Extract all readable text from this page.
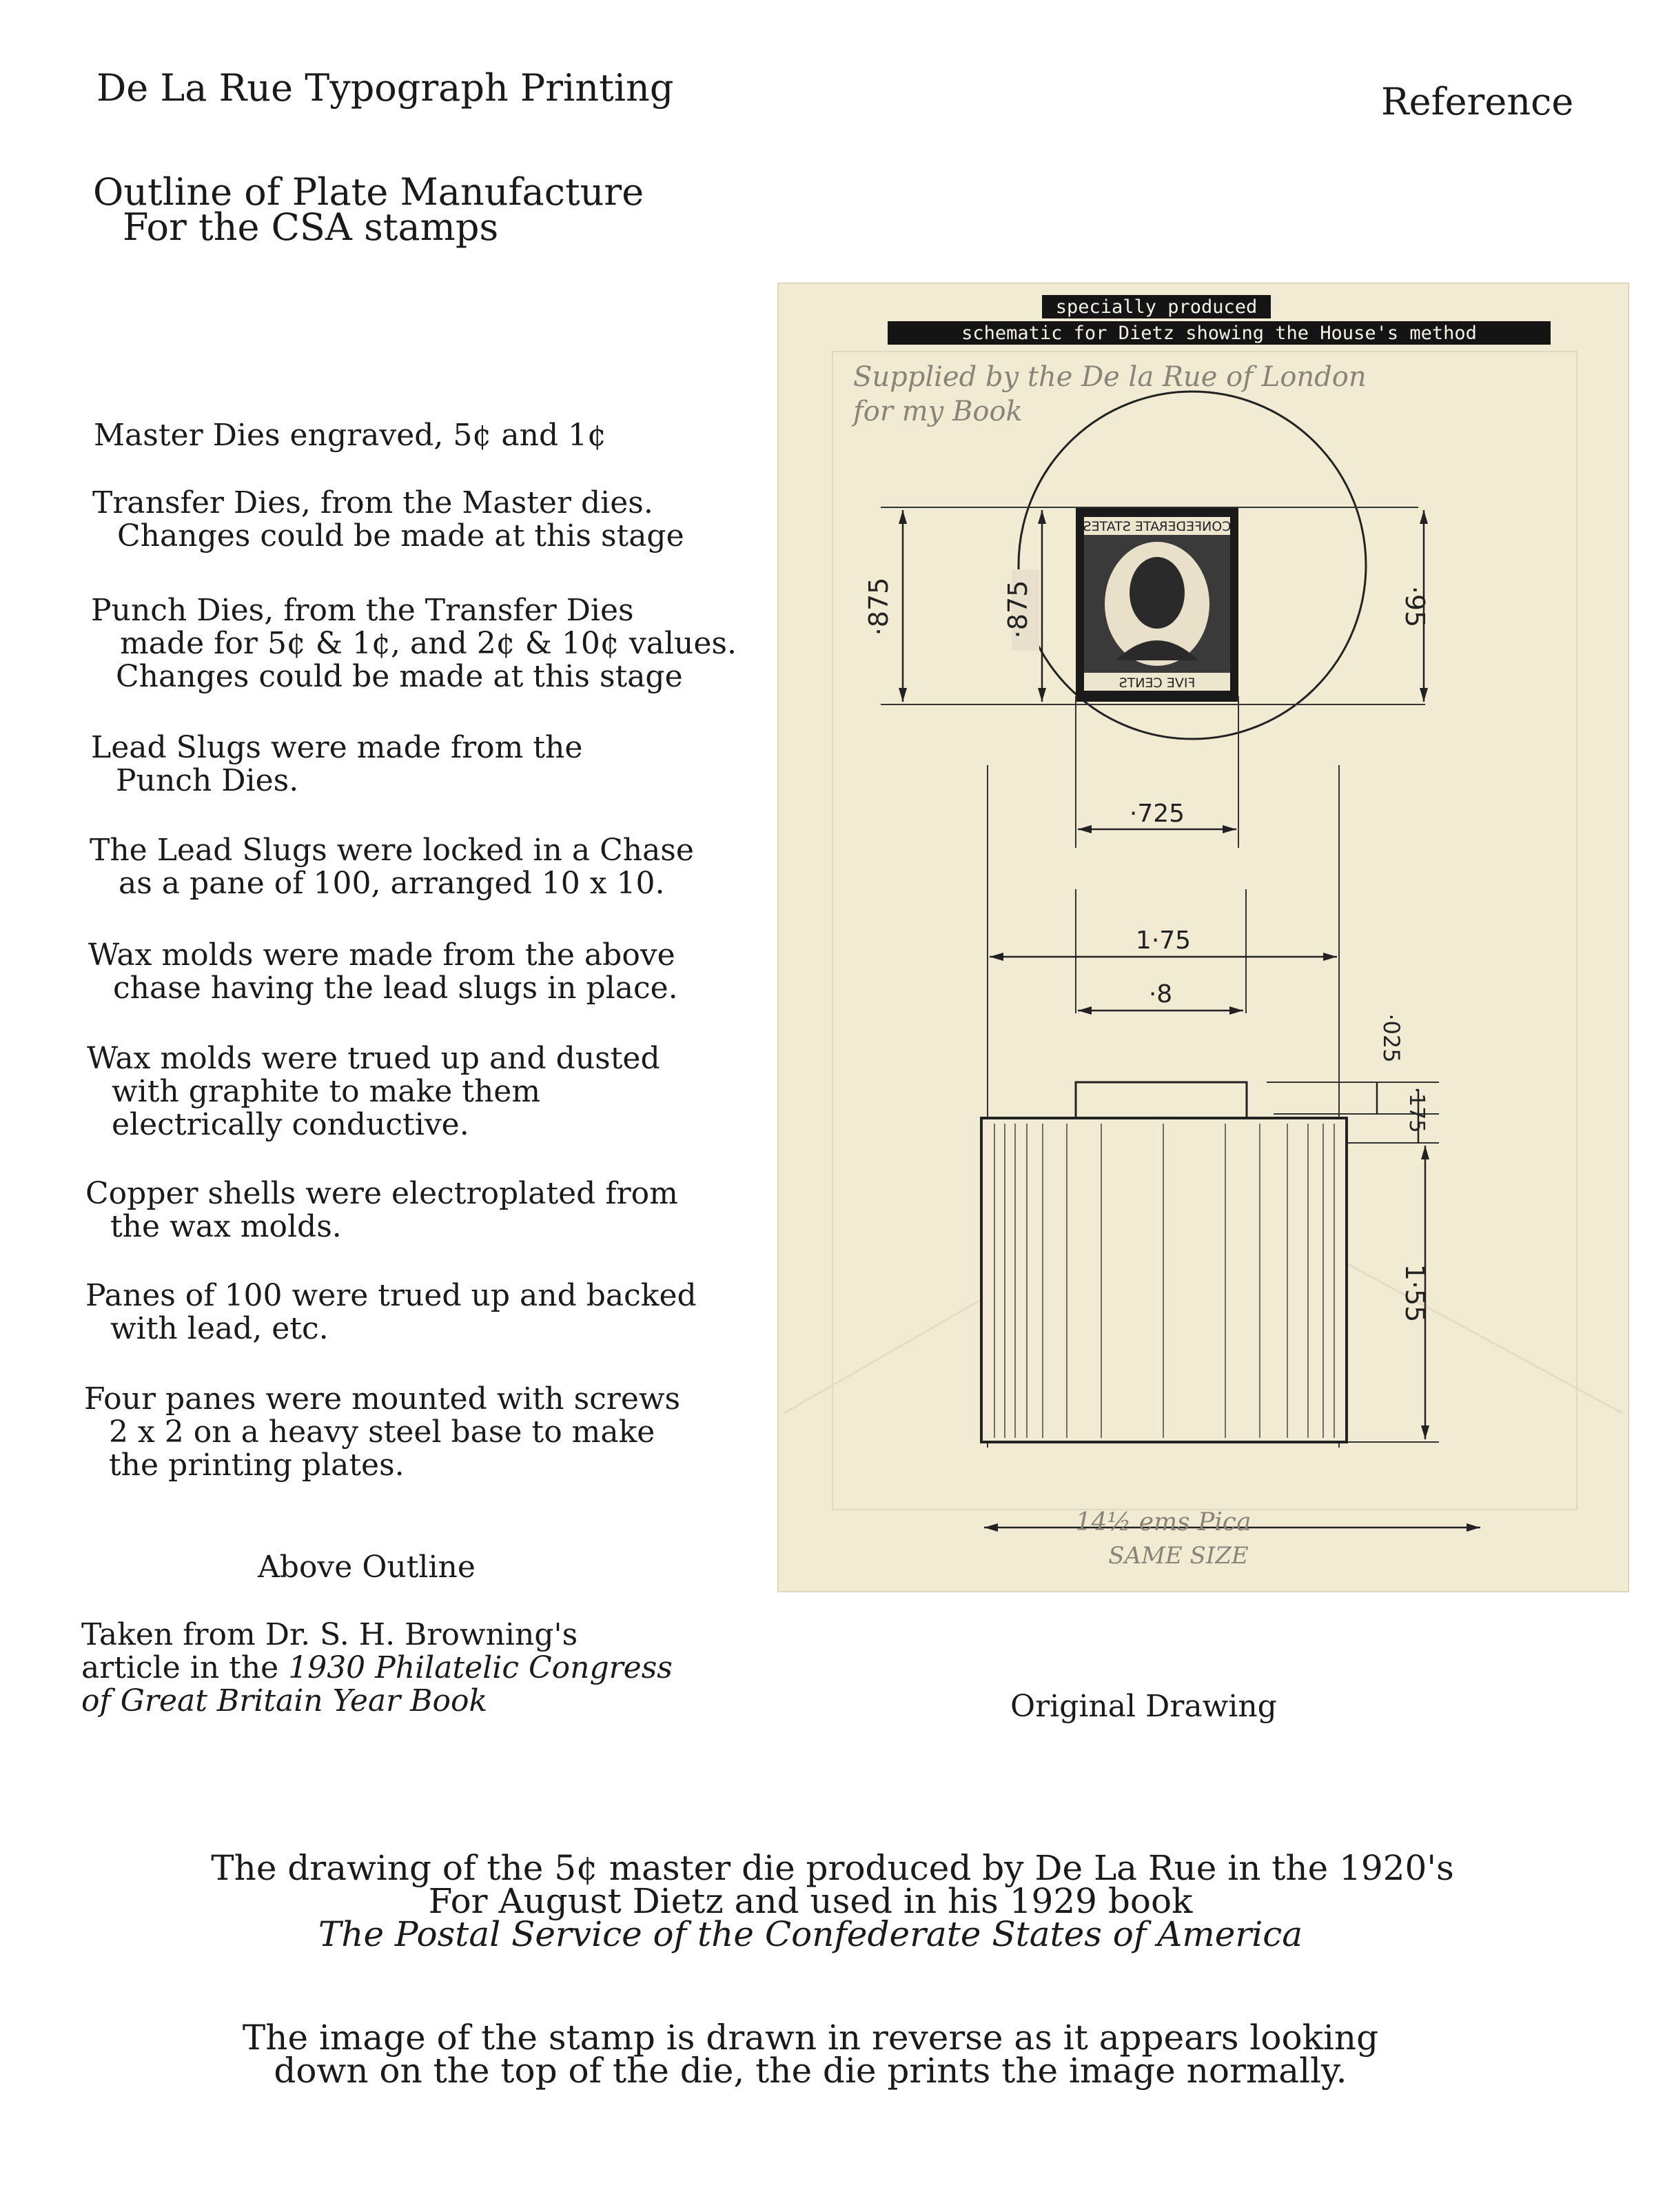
De La Rue Typograph Printing	Reference
Outline of Plate Manufacture
For the CSA stamps
Master Dies engraved, 5¢ and 1¢
Transfer Dies, from the Master dies.
Changes could be made at this stage
Punch Dies, from the Transfer Dies
made for 5¢ & 1¢, and 2¢ & 10¢ values.
Changes could be made at this stage
Lead Slugs were made from the
Punch Dies.
The Lead Slugs were locked in a Chase
as a pane of 100, arranged 10 x 10.
Wax molds were made from the above
chase having the lead slugs in place.
Wax molds were trued up and dusted
with graphite to make them
electrically conductive.
Copper shells were electroplated from
the wax molds.
Panes of 100 were trued up and backed
with lead, etc.
Four panes were mounted with screws
2 x 2 on a heavy steel base to make
the printing plates.
Above Outline
Taken from Dr. S. H. Browning's
article in the 1930 Philatelic Congress
of Great Britain Year Book
specially produced
schematic for Dietz showing the House's method
Supplied by the De la Rue of London
for my Book
CONFEDERATE STATES
FIVE CENTS
·875	·875	·95
·725
1·75
·8
·025
·175
1·55
14½ ems Pica
SAME SIZE
Original Drawing
The drawing of the 5¢ master die produced by De La Rue in the 1920's
For August Dietz and used in his 1929 book
The Postal Service of the Confederate States of America
The image of the stamp is drawn in reverse as it appears looking
down on the top of the die, the die prints the image normally.
